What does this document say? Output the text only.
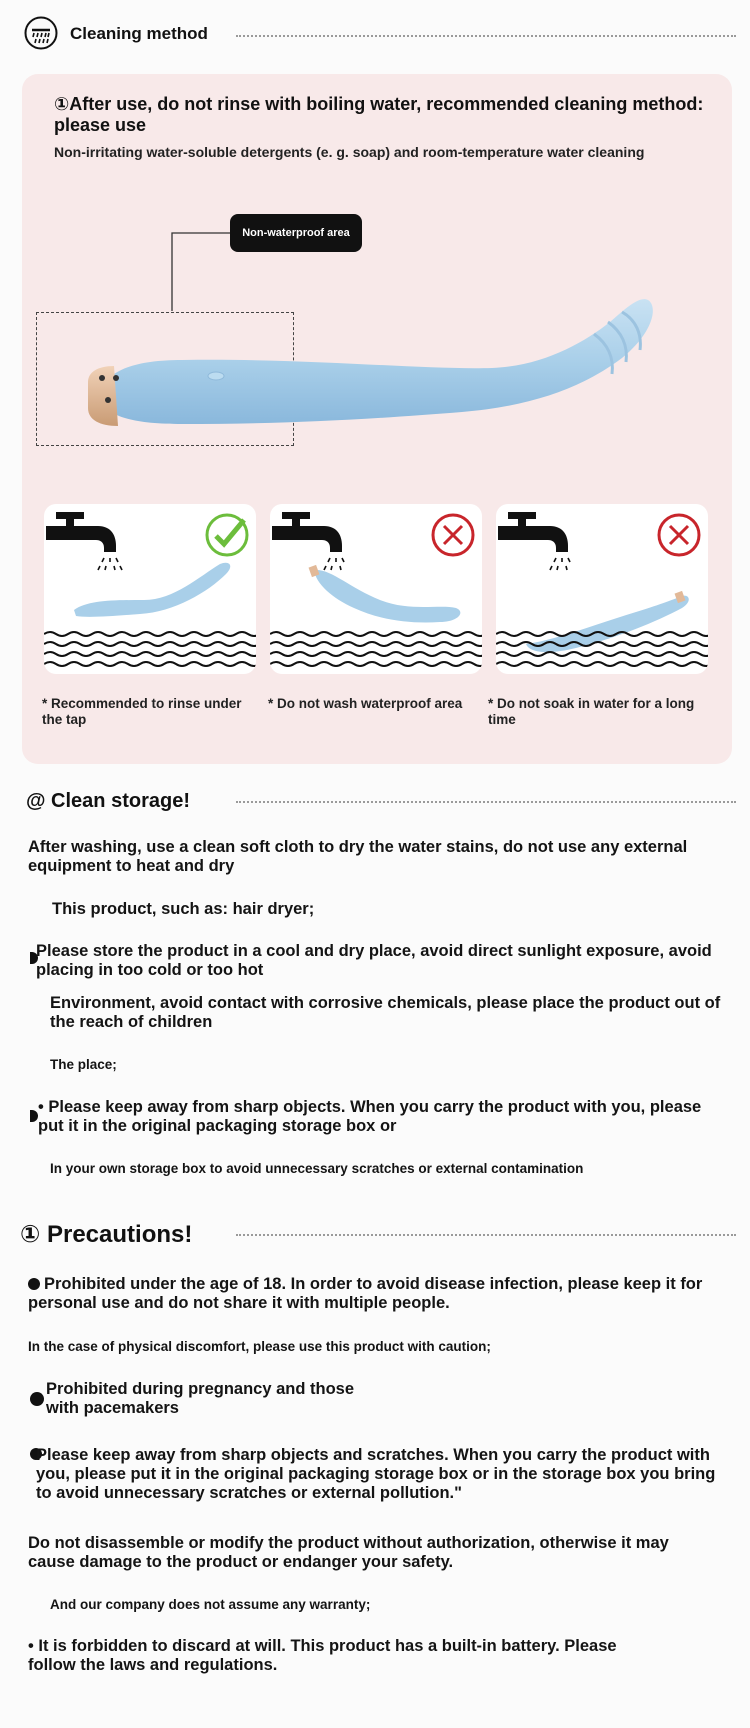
Cleaning method
①After use, do not rinse with boiling water, recommended cleaning method: please use
Non-irritating water-soluble detergents (e. g. soap) and room-temperature water cleaning
Non-waterproof area
* Recommended to rinse under the tap
* Do not wash waterproof area	* Do not soak in water for a long time
@ Clean storage!
After washing, use a clean soft cloth to dry the water stains, do not use any external equipment to heat and dry
This product, such as: hair dryer;
Please store the product in a cool and dry place, avoid direct sunlight exposure, avoid placing in too cold or too hot
Environment, avoid contact with corrosive chemicals, please place the product out of the reach of children
The place;
• Please keep away from sharp objects. When you carry the product with you, please put it in the original packaging storage box or
In your own storage box to avoid unnecessary scratches or external contamination
① Precautions!
Prohibited under the age of 18. In order to avoid disease infection, please keep it for personal use and do not share it with multiple people.
In the case of physical discomfort, please use this product with caution;
Prohibited during pregnancy and those with pacemakers
Please keep away from sharp objects and scratches. When you carry the product with you, please put it in the original packaging storage box or in the storage box you bring to avoid unnecessary scratches or external pollution."
Do not disassemble or modify the product without authorization, otherwise it may cause damage to the product or endanger your safety.
And our company does not assume any warranty;
• It is forbidden to discard at will. This product has a built-in battery. Please follow the laws and regulations.
